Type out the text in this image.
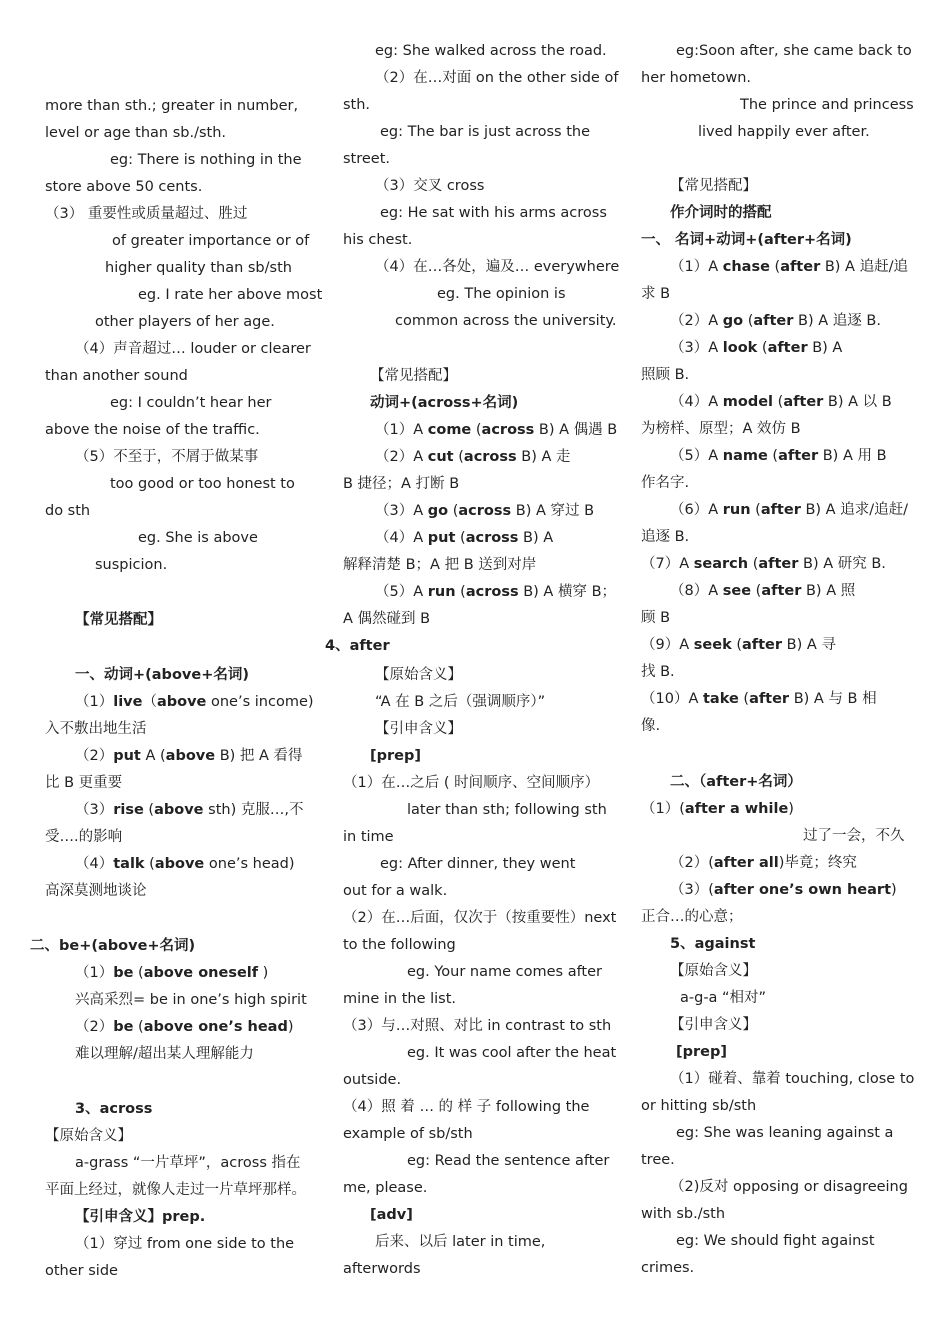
more than sth.; greater in number,
level or age than sb./sth.
eg: There is nothing in the
store above 50 cents.
（3） 重要性或质量超过、胜过
of greater importance or of
higher quality than sb/sth
eg. I rate her above most
other players of her age.
（4）声音超过… louder or clearer
than another sound
eg: I couldn’t hear her
above the noise of the traffic.
（5）不至于，不屑于做某事
too good or too honest to
do sth
eg. She is above
suspicion.
【常见搭配】
一、动词+(above+名词)
（1）live（above one’s income)
入不敷出地生活
（2）put A (above B) 把 A 看得
比 B 更重要
（3）rise (above sth) 克服…,不
受….的影响
（4）talk (above one’s head)
高深莫测地谈论
二、be+(above+名词)
（1）be (above oneself )
兴高采烈= be in one’s high spirit
（2）be (above one’s head)
难以理解/超出某人理解能力
3、across
【原始含义】
a-grass “一片草坪”，across 指在
平面上经过，就像人走过一片草坪那样。
【引申含义】prep.
（1）穿过 from one side to the
other side
eg: She walked across the road.
（2）在…对面 on the other side of
sth.
eg: The bar is just across the
street.
（3）交叉 cross
eg: He sat with his arms across
his chest.
（4）在…各处，遍及… everywhere
eg. The opinion is
common across the university.
【常见搭配】
动词+(across+名词)
（1）A come (across B) A 偶遇 B
（2）A cut (across B) A 走
B 捷径；A 打断 B
（3）A go (across B) A 穿过 B
（4）A put (across B) A
解释清楚 B；A 把 B 送到对岸
（5）A run (across B) A 横穿 B；
A 偶然碰到 B
4、after
【原始含义】
“A 在 B 之后（强调顺序）”
【引申含义】
[prep]
（1）在…之后 ( 时间顺序、空间顺序）
later than sth; following sth
in time
eg: After dinner, they went
out for a walk.
（2）在…后面，仅次于（按重要性）next
to the following
eg. Your name comes after
mine in the list.
（3）与…对照、对比 in contrast to sth
eg. It was cool after the heat
outside.
（4）照 着 … 的 样 子 following the
example of sb/sth
eg: Read the sentence after
me, please.
[adv]
后来、以后 later in time,
afterwords
eg:Soon after, she came back to
her hometown.
The prince and princess
lived happily ever after.
【常见搭配】
作介词时的搭配
一、 名词+动词+(after+名词)
（1）A chase (after B) A 追赶/追
求 B
（2）A go (after B) A 追逐 B.
（3）A look (after B) A
照顾 B.
（4）A model (after B) A 以 B
为榜样、原型；A 效仿 B
（5）A name (after B) A 用 B
作名字.
（6）A run (after B) A 追求/追赶/
追逐 B.
（7）A search (after B) A 研究 B.
（8）A see (after B) A 照
顾 B
（9）A seek (after B) A 寻
找 B.
（10）A take (after B) A 与 B 相
像.
二、（after+名词）
（1）(after a while)
过了一会，不久
（2）(after all)毕竟；终究
（3）(after one’s own heart)
正合…的心意；
5、against
【原始含义】
a-g-a “相对”
【引申含义】
[prep]
（1）碰着、靠着 touching, close to
or hitting sb/sth
eg: She was leaning against a
tree.
（2)反对 opposing or disagreeing
with sb./sth
eg: We should fight against
crimes.
